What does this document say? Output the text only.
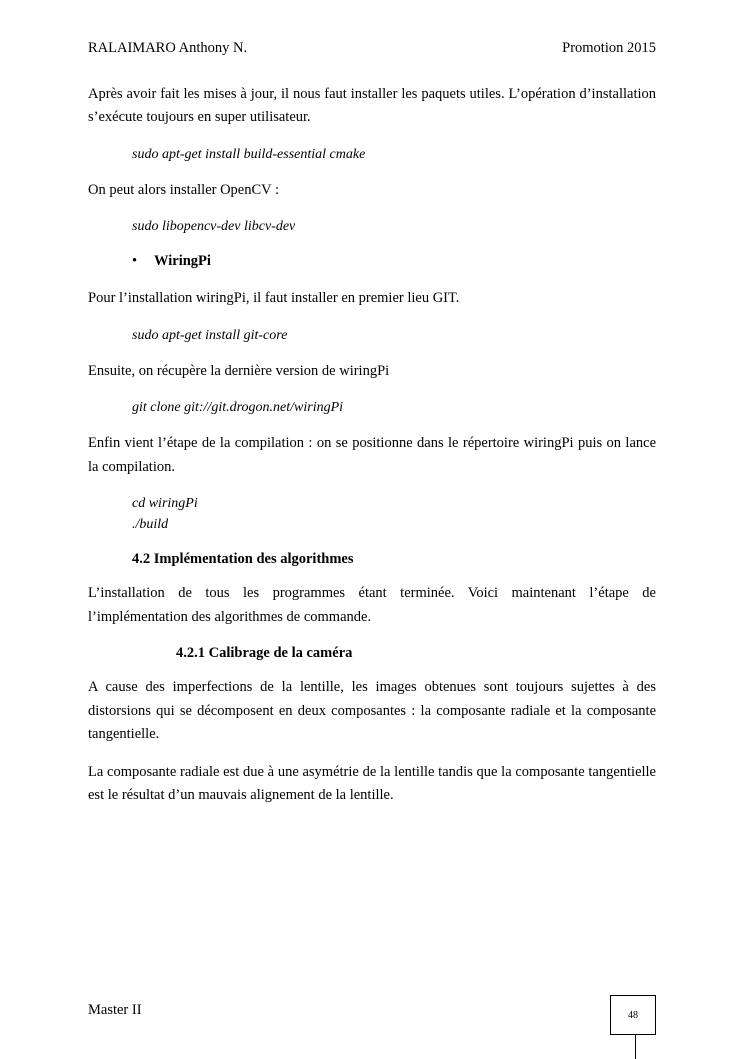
RALAIMARO Anthony N.	Promotion 2015

Après avoir fait les mises à jour, il nous faut installer les paquets utiles. L’opération d’installation s’exécute toujours en super utilisateur.

sudo apt-get install build-essential cmake

On peut alors installer OpenCV :

sudo libopencv-dev libcv-dev
•	WiringPi

Pour l’installation wiringPi, il faut installer en premier lieu GIT.

sudo apt-get install git-core

Ensuite, on récupère la dernière version de wiringPi

git clone git://git.drogon.net/wiringPi

Enfin vient l’étape de la compilation : on se positionne dans le répertoire wiringPi puis on lance la compilation.

cd wiringPi
./build
4.2 Implémentation des algorithmes

L’installation de tous les programmes étant terminée. Voici maintenant l’étape de l’implémentation des algorithmes de commande.

4.2.1 Calibrage de la caméra

A cause des imperfections de la lentille, les images obtenues sont toujours sujettes à des distorsions qui se décomposent en deux composantes : la composante radiale et la composante tangentielle.

La composante radiale est due à une asymétrie de la lentille tandis que la composante tangentielle est le résultat d’un mauvais alignement de la lentille.

Master II	48
